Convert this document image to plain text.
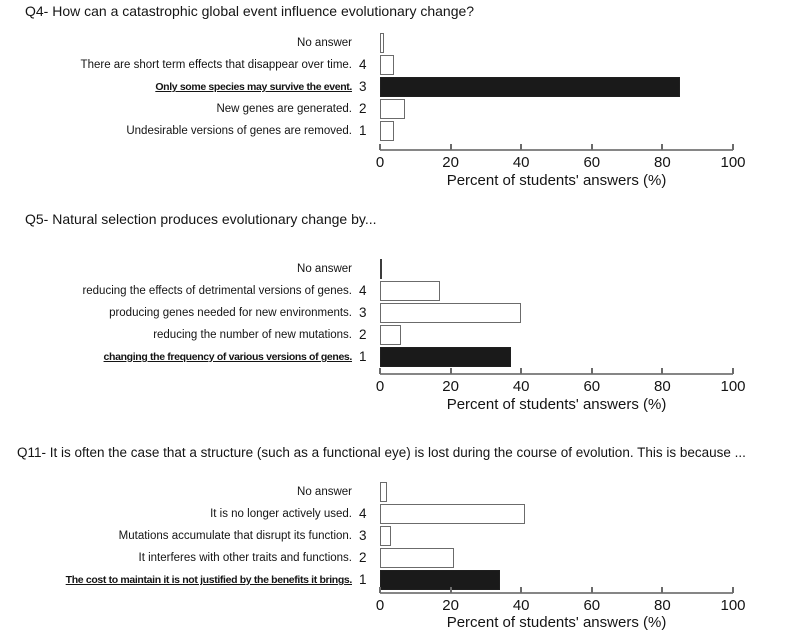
Q4- How can a catastrophic global event influence evolutionary change?
No answer
There are short term effects that disappear over time. 4
Only some species may survive the event. 3
New genes are generated. 2
Undesirable versions of genes are removed. 1
0	20	40	60	80	100
Percent of students' answers (%)
Q5- Natural selection produces evolutionary change by...
No answer
reducing the effects of detrimental versions of genes. 4
producing genes needed for new environments. 3
reducing the number of new mutations. 2
changing the frequency of various versions of genes. 1
0	20	40	60	80	100
Percent of students' answers (%)
Q11- It is often the case that a structure (such as a functional eye) is lost during the course of evolution. This is because ...
No answer
It is no longer actively used. 4
Mutations accumulate that disrupt its function. 3
It interferes with other traits and functions. 2
The cost to maintain it is not justified by the benefits it brings. 1
0	20	40	60	80	100
Percent of students' answers (%)
